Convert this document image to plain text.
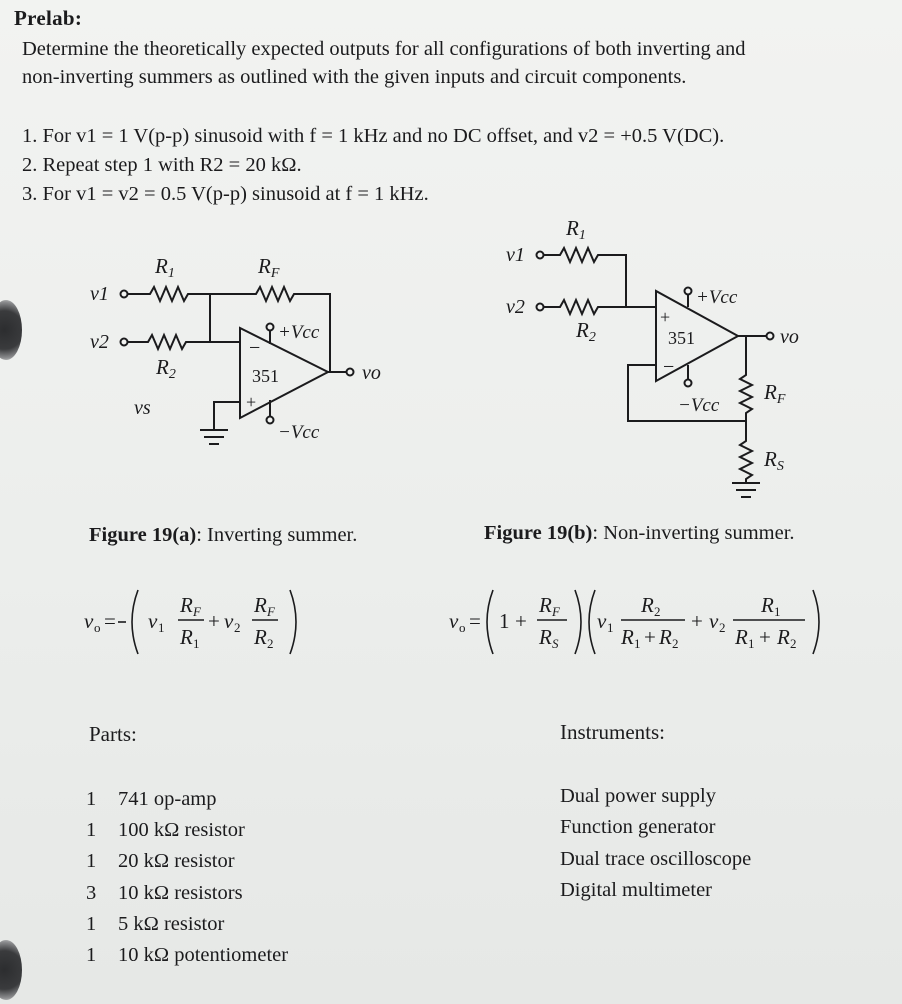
Prelab:
Determine the theoretically expected outputs for all configurations of both inverting and
non-inverting summers as outlined with the given inputs and circuit components.
1. For v1 = 1 V(p-p) sinusoid with f = 1 kHz and no DC offset, and v2 = +0.5 V(DC).
2. Repeat step 1 with R2 = 20 kΩ.
3. For v1 = v2 = 0.5 V(p-p) sinusoid at f = 1 kHz.
R1	RF
v1
v2
R2
vs
−
+
351
+Vcc
−Vcc
vo
R1
v1
v2
R2
+
−
351
+Vcc
−Vcc
vo
RF
RS
Figure 19(a): Inverting summer.	Figure 19(b): Non-inverting summer.
v o = v 1
R F
R 1
+ v 2
R F
R 2
v o = 1 +
R F
R S
v 1
R 2
R 1 + R 2
+ v 2
R 1
R 1 + R 2
Parts:	Instruments:
1 741 op-amp
1 100 kΩ resistor
1 20 kΩ resistor
3 10 kΩ resistors
1 5 kΩ resistor
1 10 kΩ potentiometer
Dual power supply
Function generator
Dual trace oscilloscope
Digital multimeter
